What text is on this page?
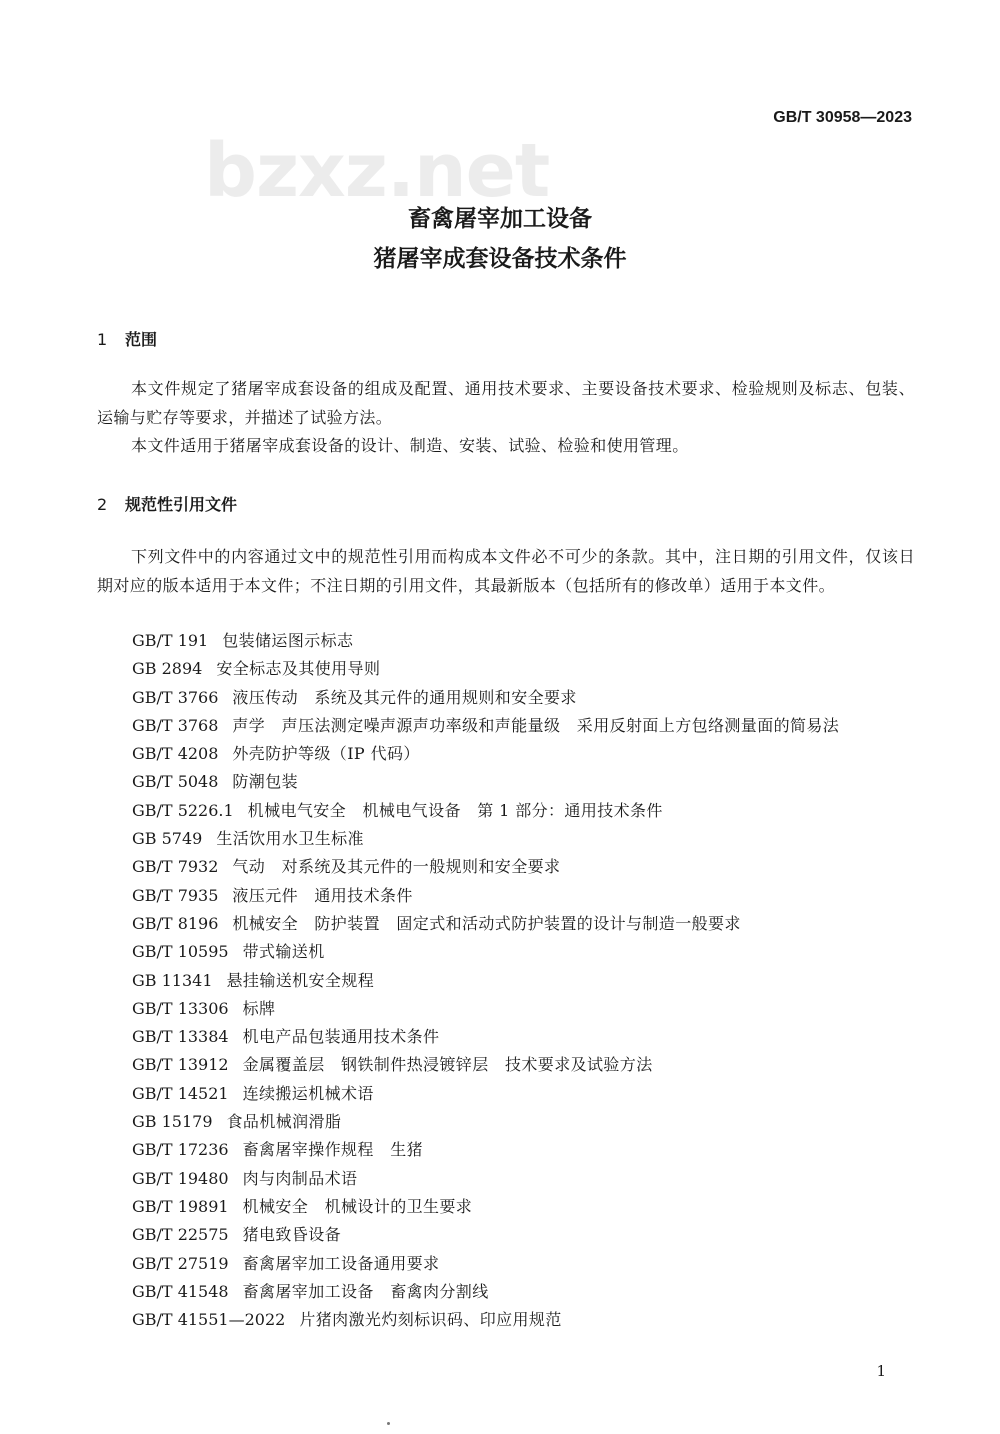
GB/T 30958—2023
bzxz.net
畜禽屠宰加工设备
猪屠宰成套设备技术条件
1 范围
本文件规定了猪屠宰成套设备的组成及配置、通用技术要求、主要设备技术要求、检验规则及标志、包装、运输与贮存等要求，并描述了试验方法。
本文件适用于猪屠宰成套设备的设计、制造、安装、试验、检验和使用管理。
2 规范性引用文件
下列文件中的内容通过文中的规范性引用而构成本文件必不可少的条款。其中，注日期的引用文件，仅该日期对应的版本适用于本文件；不注日期的引用文件，其最新版本（包括所有的修改单）适用于本文件。
GB/T 191 包装储运图示标志
GB 2894 安全标志及其使用导则
GB/T 3766 液压传动　系统及其元件的通用规则和安全要求
GB/T 3768 声学　声压法测定噪声源声功率级和声能量级　采用反射面上方包络测量面的简易法
GB/T 4208 外壳防护等级（IP 代码）
GB/T 5048 防潮包装
GB/T 5226.1 机械电气安全　机械电气设备　第 1 部分：通用技术条件
GB 5749 生活饮用水卫生标准
GB/T 7932 气动　对系统及其元件的一般规则和安全要求
GB/T 7935 液压元件　通用技术条件
GB/T 8196 机械安全　防护装置　固定式和活动式防护装置的设计与制造一般要求
GB/T 10595 带式输送机
GB 11341 悬挂输送机安全规程
GB/T 13306 标牌
GB/T 13384 机电产品包装通用技术条件
GB/T 13912 金属覆盖层　钢铁制件热浸镀锌层　技术要求及试验方法
GB/T 14521 连续搬运机械术语
GB 15179 食品机械润滑脂
GB/T 17236 畜禽屠宰操作规程　生猪
GB/T 19480 肉与肉制品术语
GB/T 19891 机械安全　机械设计的卫生要求
GB/T 22575 猪电致昏设备
GB/T 27519 畜禽屠宰加工设备通用要求
GB/T 41548 畜禽屠宰加工设备　畜禽肉分割线
GB/T 41551—2022 片猪肉激光灼刻标识码、印应用规范
1
